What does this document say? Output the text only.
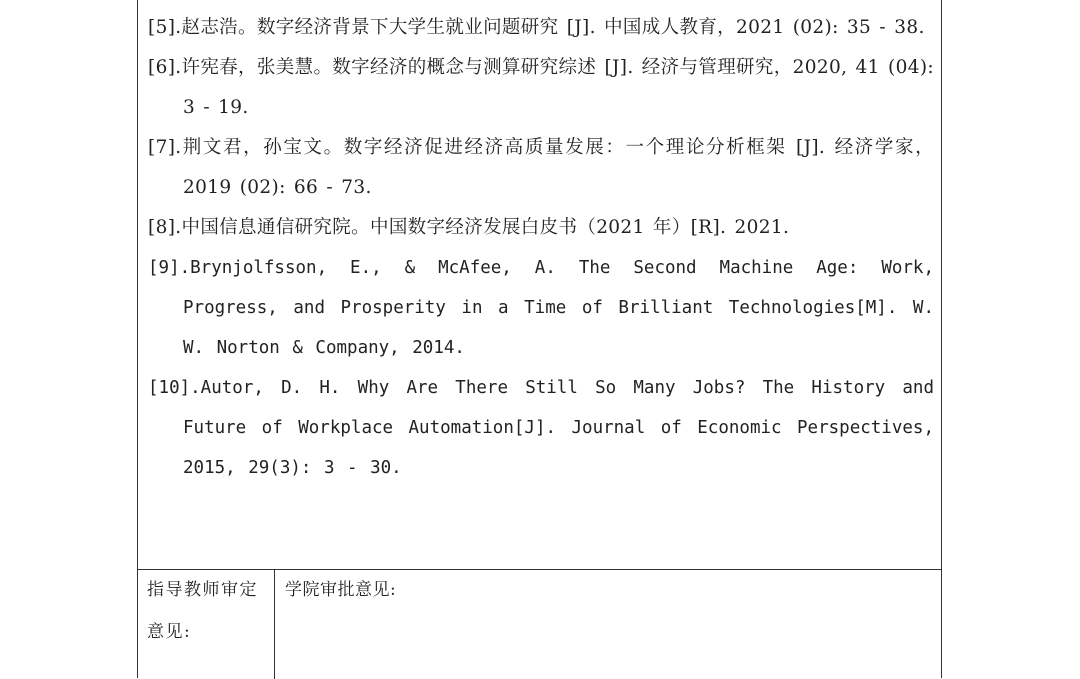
[5].赵志浩。数字经济背景下大学生就业问题研究 [J]. 中国成人教育，2021 (02): 35 - 38.
[6].许宪春，张美慧。数字经济的概念与测算研究综述 [J]. 经济与管理研究，2020, 41 (04): 3 - 19.
[7].荆文君，孙宝文。数字经济促进经济高质量发展：一个理论分析框架 [J]. 经济学家，2019 (02): 66 - 73.
[8].中国信息通信研究院。中国数字经济发展白皮书（2021 年）[R]. 2021.
[9].Brynjolfsson, E., & McAfee, A. The Second Machine Age: Work, Progress, and Prosperity in a Time of Brilliant Technologies[M]. W. W. Norton & Company, 2014.
[10].Autor, D. H. Why Are There Still So Many Jobs? The History and Future of Workplace Automation[J]. Journal of Economic Perspectives, 2015, 29(3): 3 - 30.
指导教师审定意见:
学院审批意见:
